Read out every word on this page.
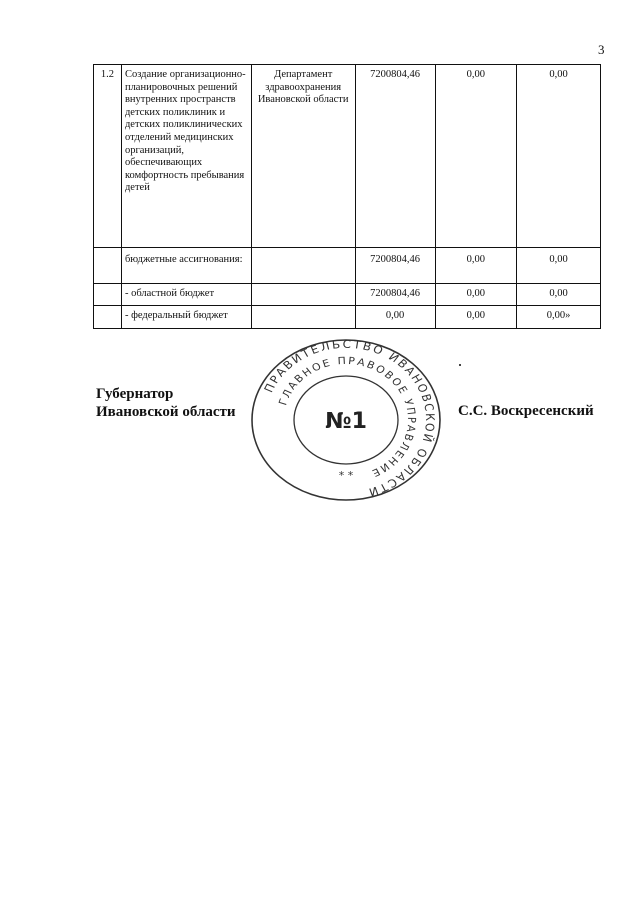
3
1.2	Создание организационно-планировочных решений внутренних пространств детских поликлиник и детских поликлинических отделений медицинских организаций, обеспечивающих комфортность пребывания детей	Департамент здравоохранения Ивановской области	7200804,46	0,00	0,00
	бюджетные ассигнования:		7200804,46	0,00	0,00
	- областной бюджет		7200804,46	0,00	0,00
	- федеральный бюджет		0,00	0,00	0,00»
Губернатор
Ивановской области
ПРАВИТЕЛЬСТВО ИВАНОВСКОЙ ОБЛАСТИ
ГЛАВНОЕ ПРАВОВОЕ УПРАВЛЕНИЕ
№1
* *
С.С. Воскресенский
